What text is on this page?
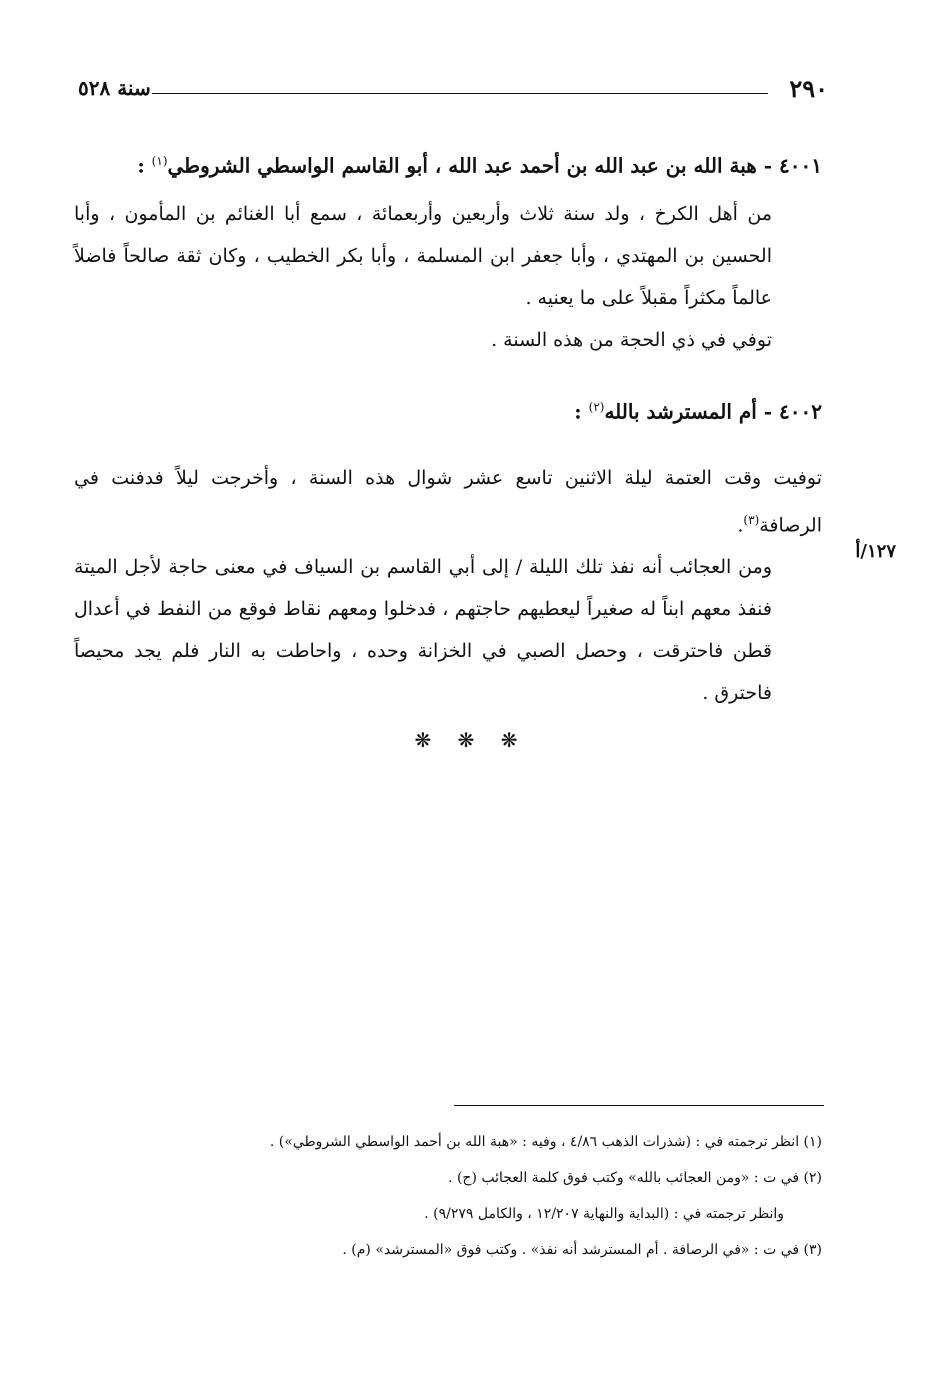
٢٩٠
سنة ٥٢٨

٤٠٠١ - هبة الله بن عبد الله بن أحمد عبد الله ، أبو القاسم الواسطي الشروطي$^{(١)}$ :

من أهل الكرخ ، ولد سنة ثلاث وأربعين وأربعمائة ، سمع أبا الغنائم بن المأمون ، وأبا الحسين بن المهتدي ، وأبا جعفر ابن المسلمة ، وأبا بكر الخطيب ، وكان ثقة صالحاً فاضلاً عالماً مكثراً مقبلاً على ما يعنيه .

توفي في ذي الحجة من هذه السنة .

٤٠٠٢ - أم المسترشد بالله$^{(٢)}$ :

توفيت وقت العتمة ليلة الاثنين تاسع عشر شوال هذه السنة ، وأخرجت ليلاً فدفنت في الرصافة$^{(٣)}$.

ومن العجائب أنه نفذ تلك الليلة / إلى أبي القاسم بن السياف في معنى حاجة لأجل الميتة فنفذ معهم ابناً له صغيراً ليعطيهم حاجتهم ، فدخلوا ومعهم نقاط فوقع من النفط في أعدال قطن فاحترقت ، وحصل الصبي في الخزانة وحده ، واحاطت به النار فلم يجد محيصاً فاحترق .

١٢٧/أ
❋ ❋ ❋

(١) انظر ترجمته في : (شذرات الذهب ٤/٨٦ ، وفيه : «هبة الله بن أحمد الواسطي الشروطي») .

(٢) في ت : «ومن العجائب بالله» وكتب فوق كلمة العجائب (ح) .

وانظر ترجمته في : (البداية والنهاية ١٢/٢٠٧ ، والكامل ٩/٢٧٩) .

(٣) في ت : «في الرصافة . أم المسترشد أنه نفذ» . وكتب فوق «المسترشد» (م) .
